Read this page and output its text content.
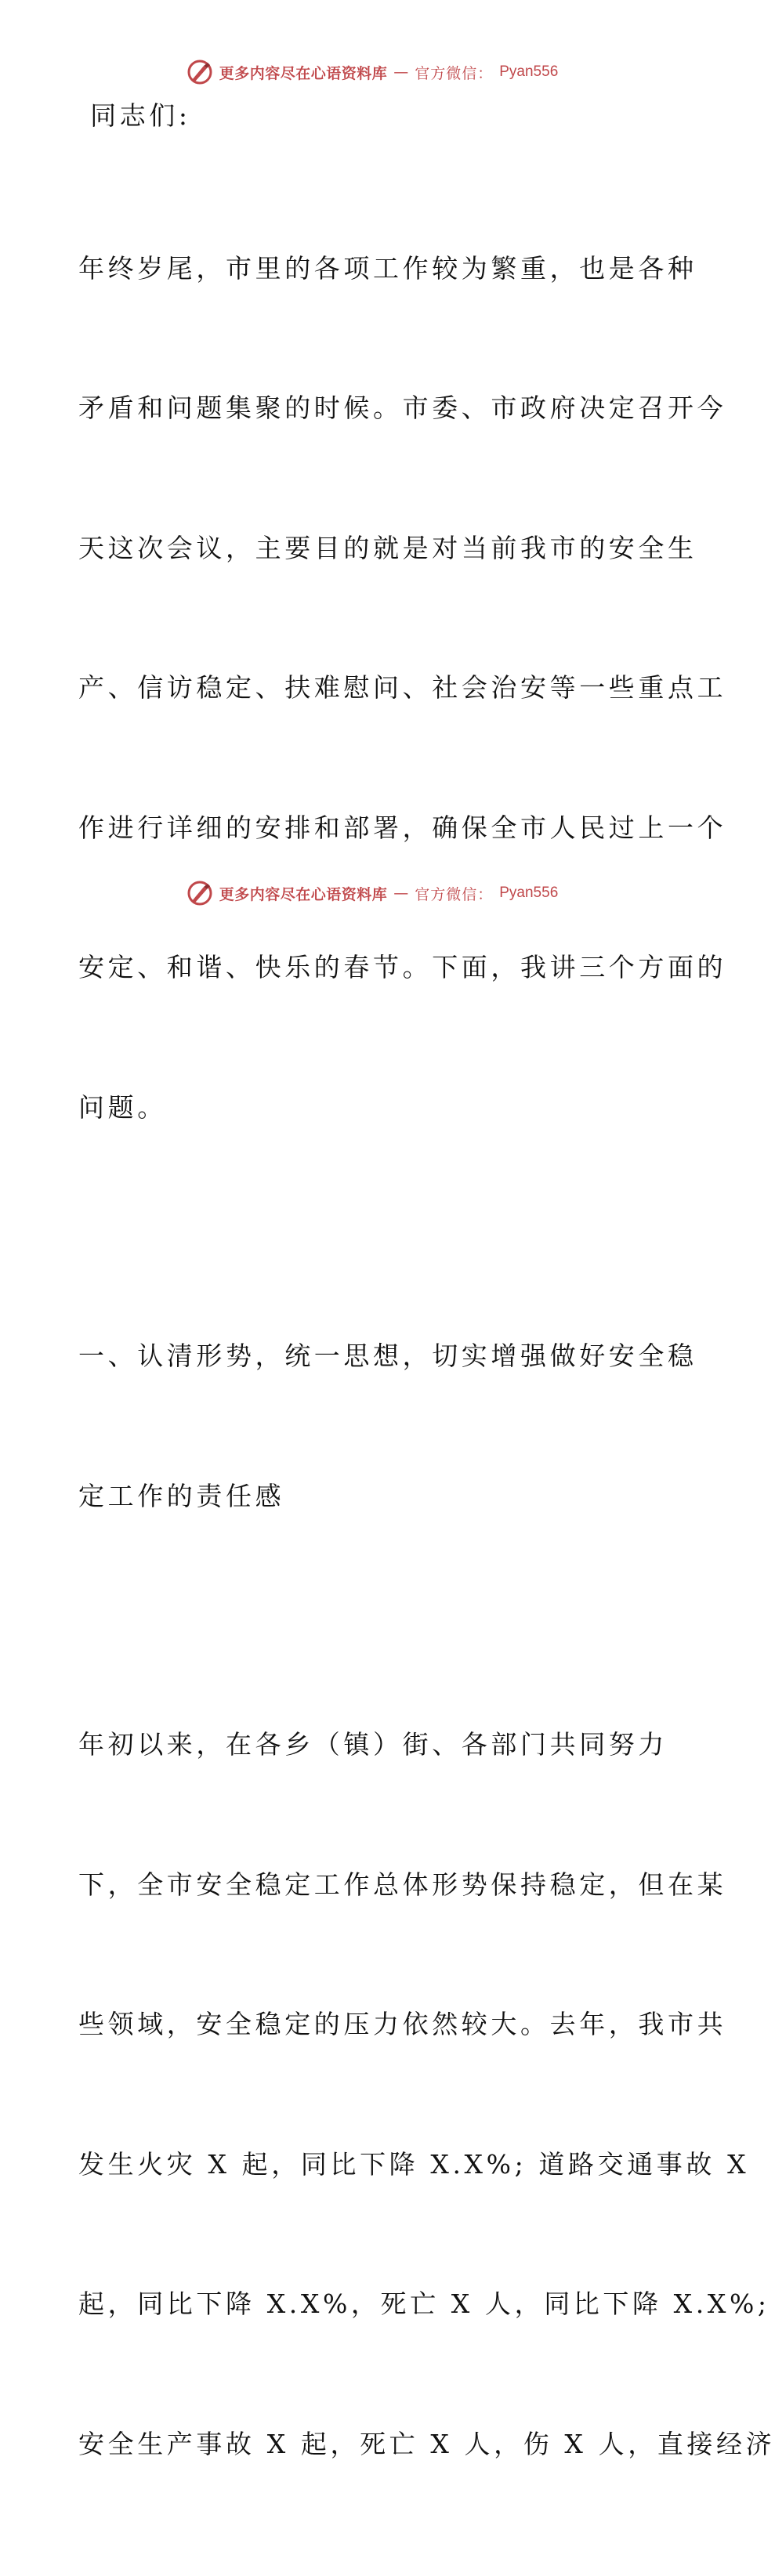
更多内容尽在心语资料库 — 官方微信： Pyan556
同志们:

年终岁尾，市里的各项工作较为繁重，也是各种

矛盾和问题集聚的时候。市委、市政府决定召开今

天这次会议，主要目的就是对当前我市的安全生

产、信访稳定、扶难慰问、社会治安等一些重点工

作进行详细的安排和部署，确保全市人民过上一个

安定、和谐、快乐的春节。下面，我讲三个方面的

问题。

一、认清形势，统一思想，切实增强做好安全稳

定工作的责任感

年初以来，在各乡（镇）街、各部门共同努力

下，全市安全稳定工作总体形势保持稳定，但在某

些领域，安全稳定的压力依然较大。去年，我市共

发生火灾 X 起，同比下降 X.X%; 道路交通事故 X

起，同比下降 X.X%，死亡 X 人，同比下降 X.X%;

安全生产事故 X 起，死亡 X 人，伤 X 人，直接经济

更多内容尽在心语资料库 — 官方微信： Pyan556
